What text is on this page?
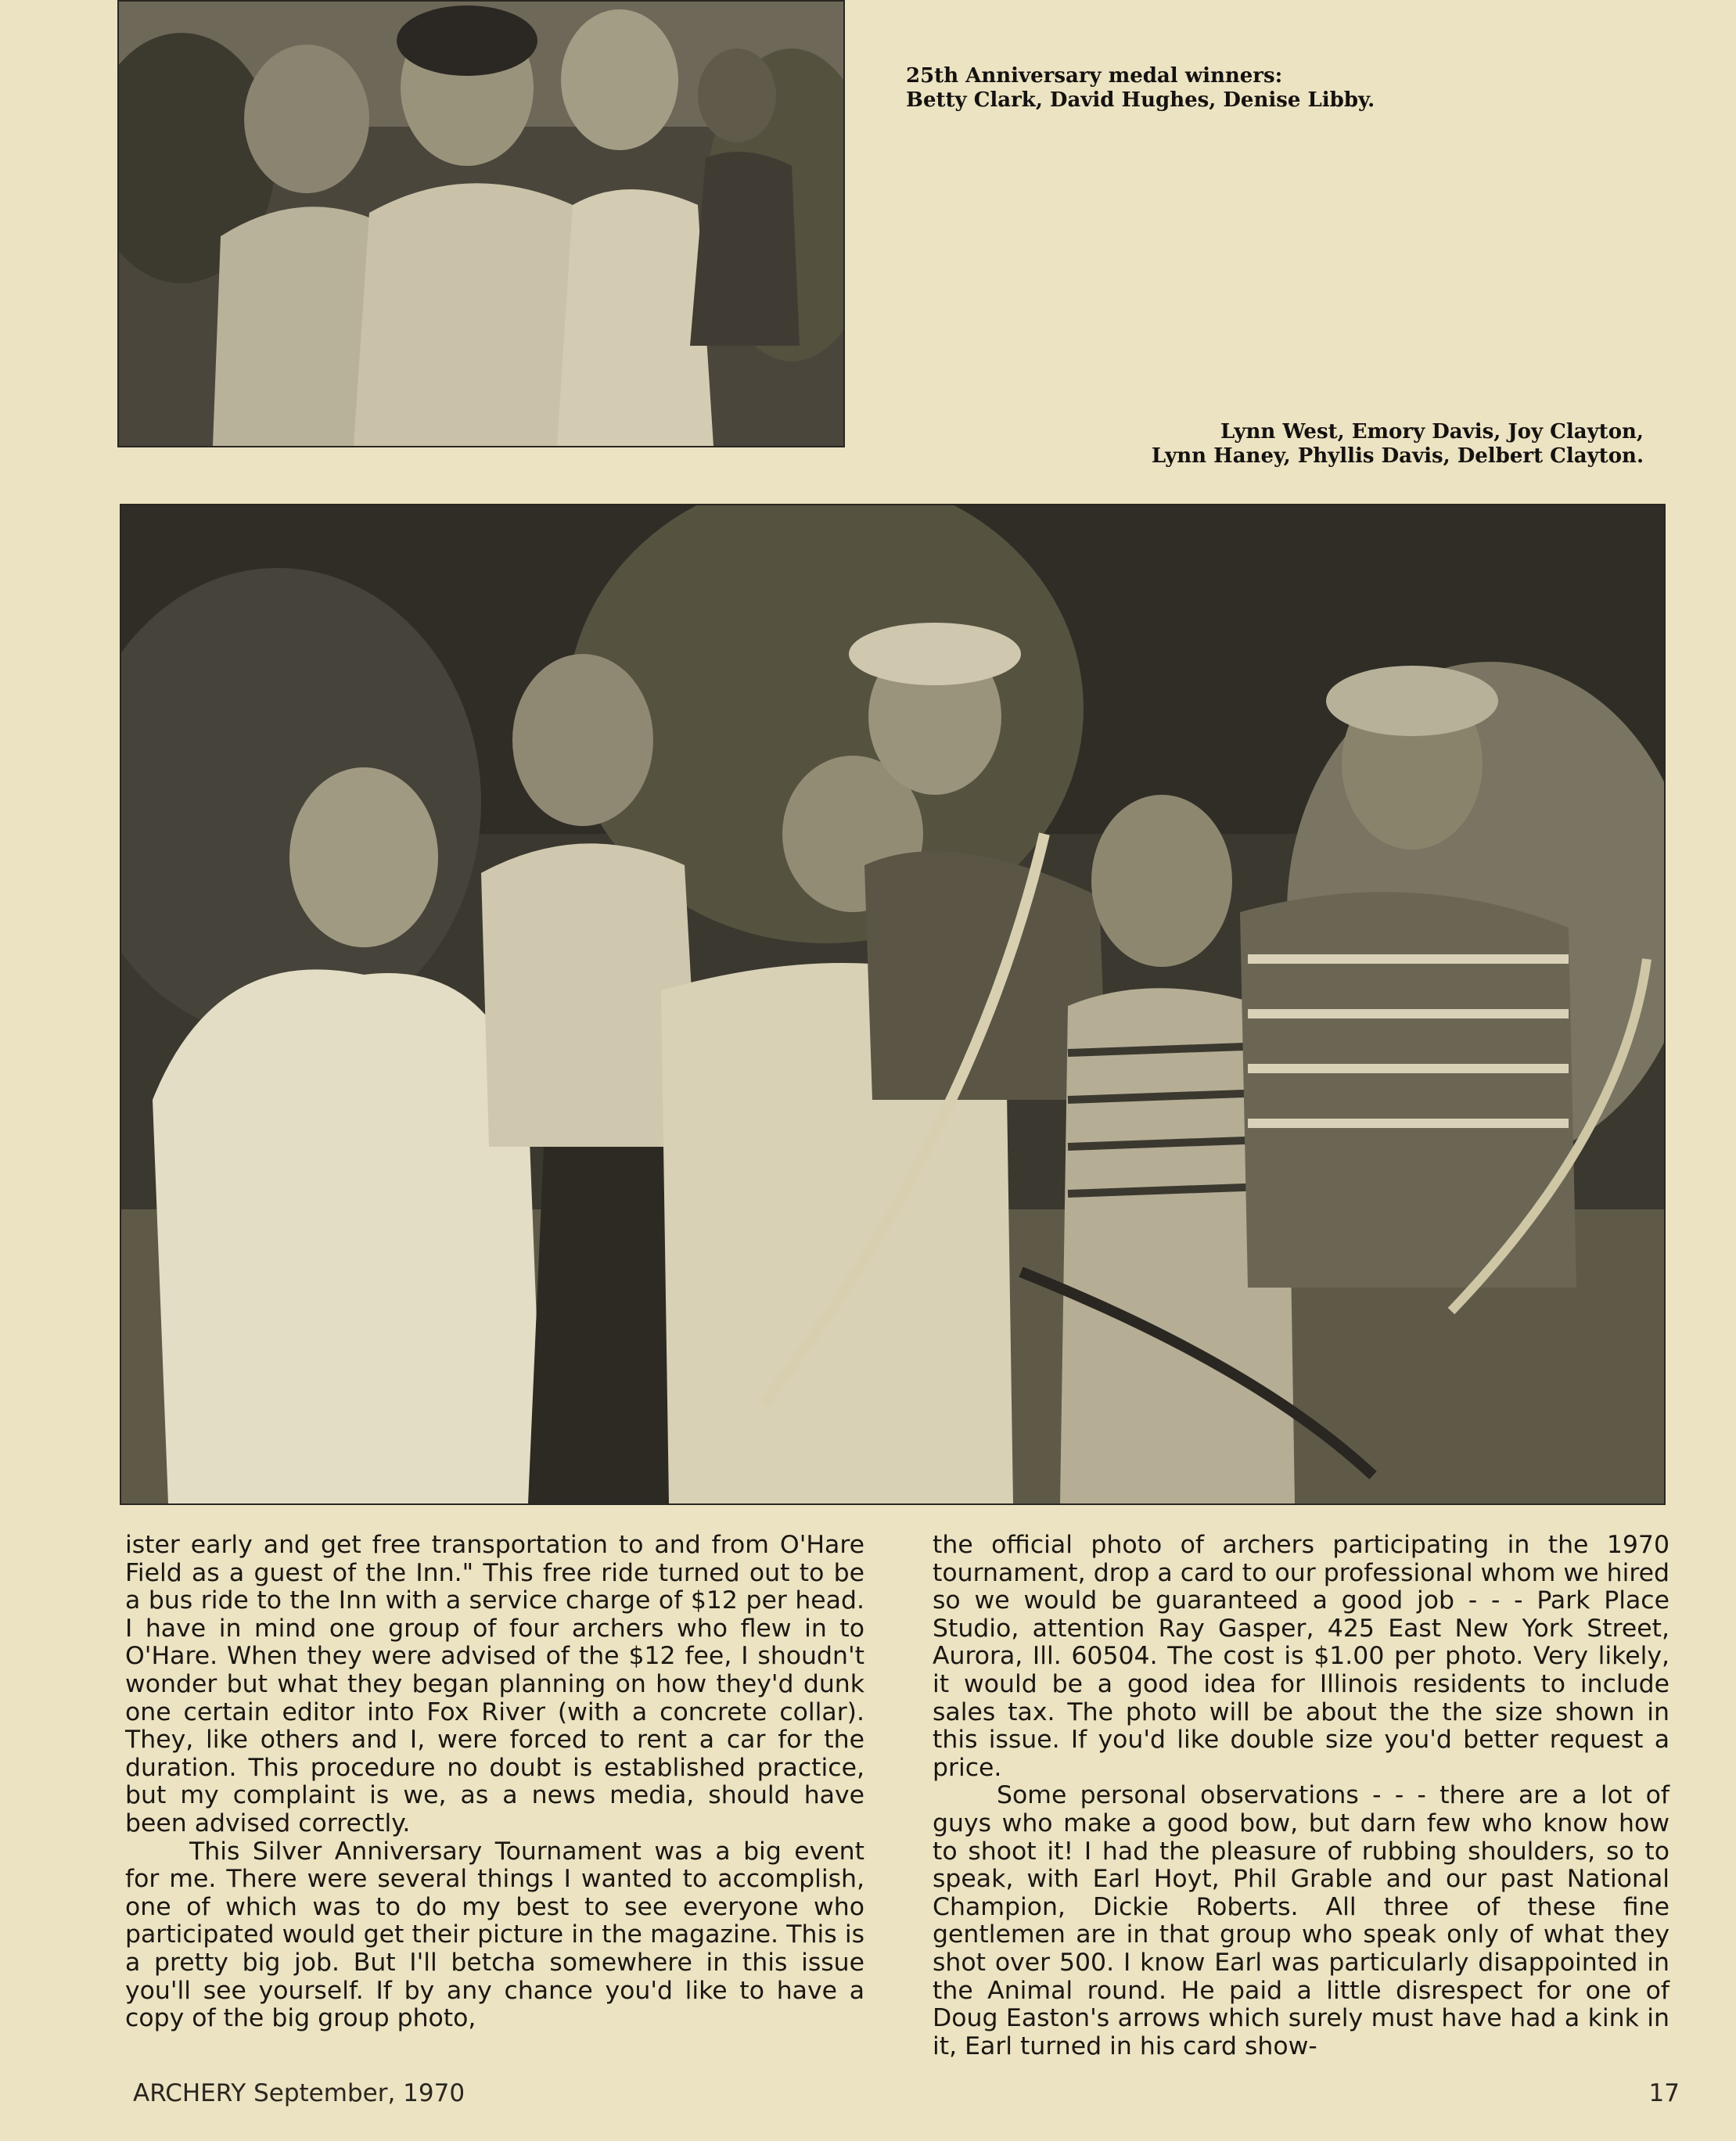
25th Anniversary medal winners:
Betty Clark, David Hughes, Denise Libby.
Lynn West, Emory Davis, Joy Clayton,
Lynn Haney, Phyllis Davis, Delbert Clayton.

ister early and get free transportation to and from O'Hare Field as a guest of the Inn." This free ride turned out to be a bus ride to the Inn with a service charge of $12 per head. I have in mind one group of four archers who flew in to O'Hare. When they were advised of the $12 fee, I shoudn't wonder but what they began planning on how they'd dunk one certain editor into Fox River (with a concrete collar). They, like others and I, were forced to rent a car for the duration. This procedure no doubt is established practice, but my complaint is we, as a news media, should have been advised correctly.

This Silver Anniversary Tournament was a big event for me. There were several things I wanted to accomplish, one of which was to do my best to see everyone who participated would get their picture in the magazine. This is a pretty big job. But I'll betcha somewhere in this issue you'll see yourself. If by any chance you'd like to have a copy of the big group photo,

the official photo of archers participating in the 1970 tournament, drop a card to our professional whom we hired so we would be guaranteed a good job - - - Park Place Studio, attention Ray Gasper, 425 East New York Street, Aurora, Ill. 60504. The cost is $1.00 per photo. Very likely, it would be a good idea for Illinois residents to include sales tax. The photo will be about the the size shown in this issue. If you'd like double size you'd better request a price.

Some personal observations - - - there are a lot of guys who make a good bow, but darn few who know how to shoot it! I had the pleasure of rubbing shoulders, so to speak, with Earl Hoyt, Phil Grable and our past National Champion, Dickie Roberts. All three of these fine gentlemen are in that group who speak only of what they shot over 500. I know Earl was particularly disappointed in the Animal round. He paid a little disrespect for one of Doug Easton's arrows which surely must have had a kink in it, Earl turned in his card show-

ARCHERY September, 1970	17
